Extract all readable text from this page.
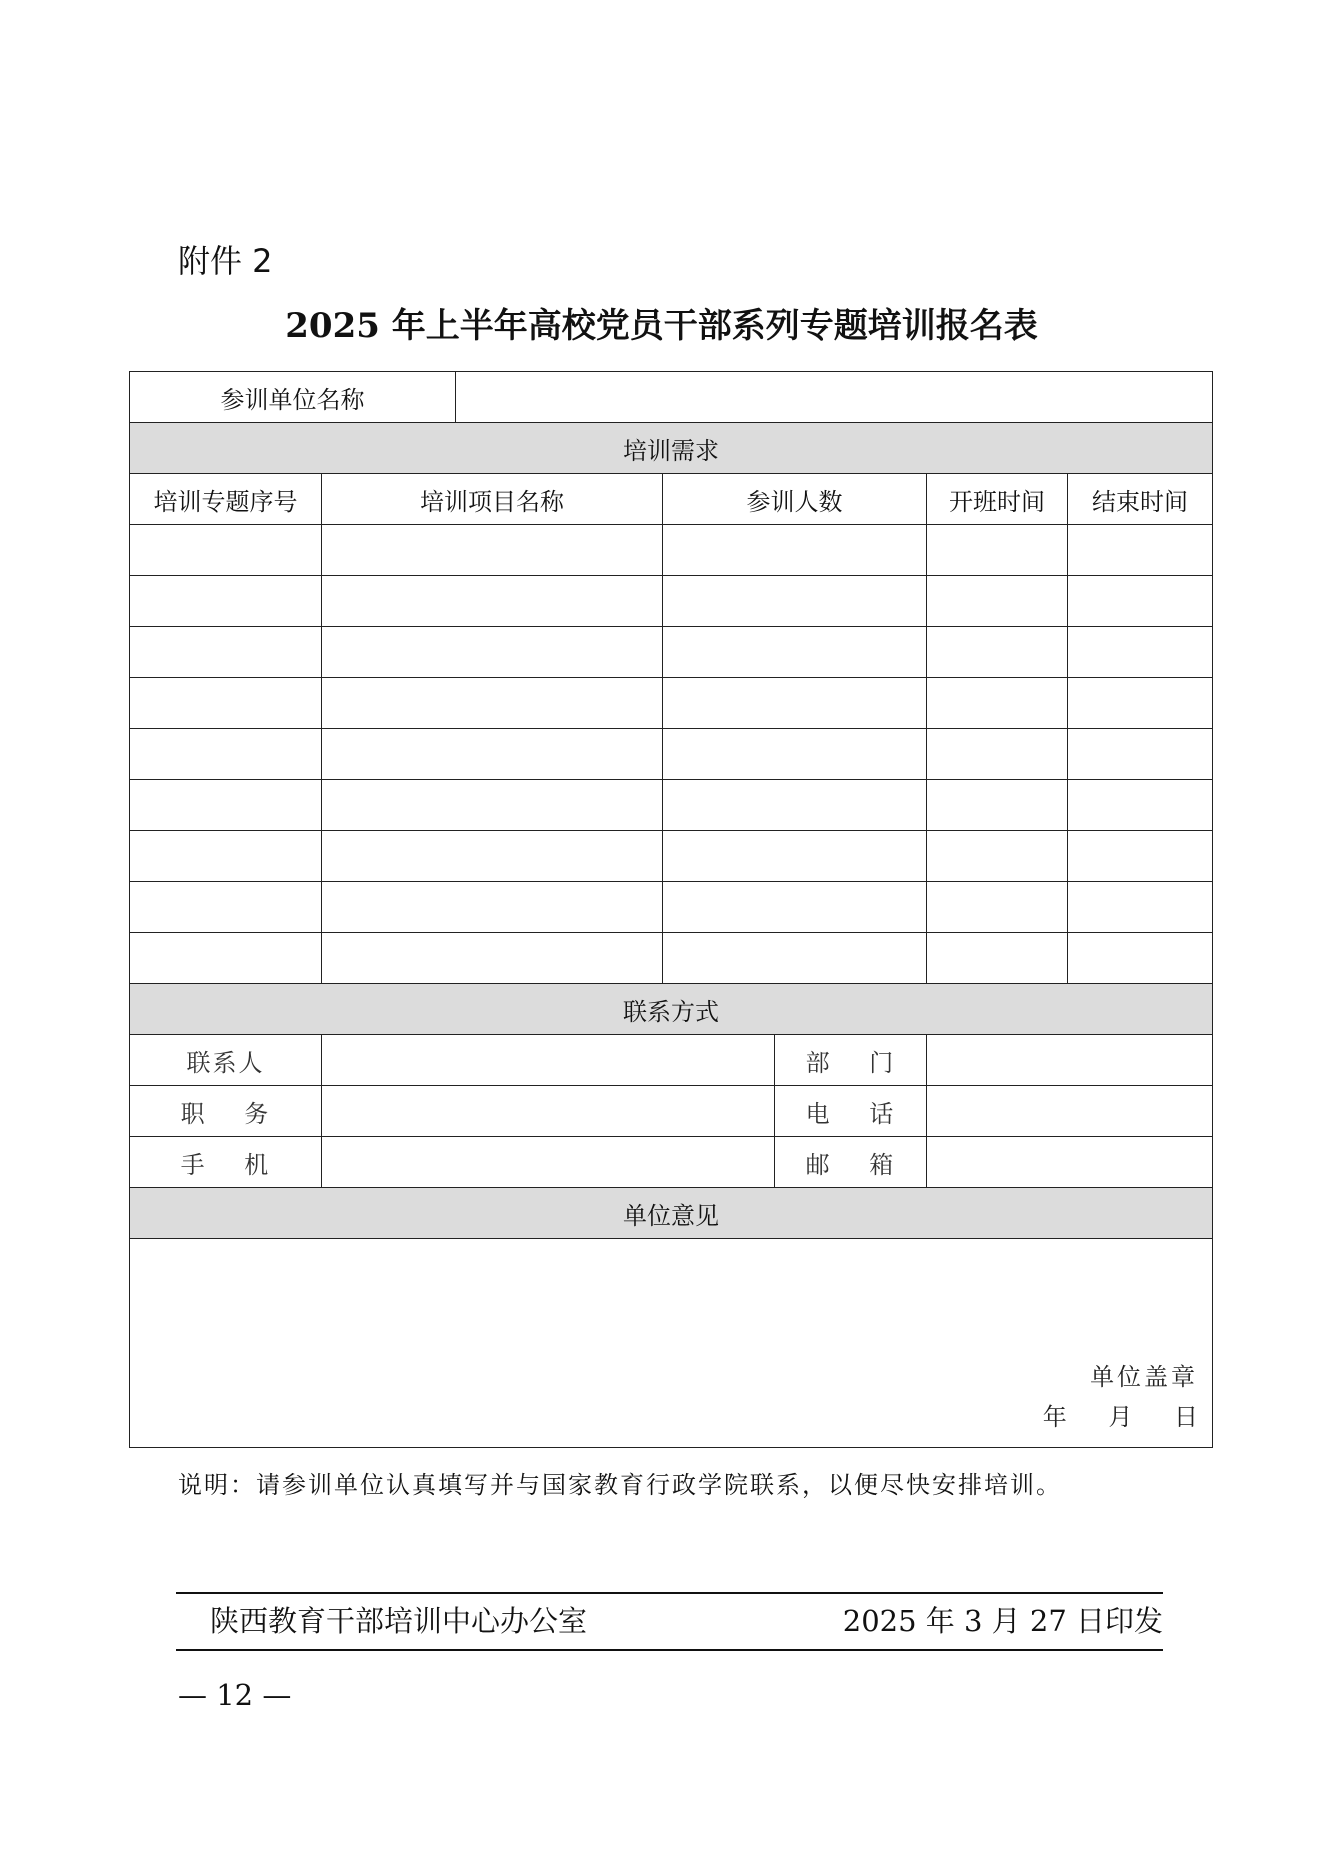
附件 2
2025 年上半年高校党员干部系列专题培训报名表
参训单位名称						
培训需求						
培训专题序号	培训项目名称		参训人数		开班时间	结束时间

联系方式						
联系人				部 门		
职 务				电 话		
手 机				邮 箱		
单位意见						

单位盖章
年 月 日						
说明：请参训单位认真填写并与国家教育行政学院联系，以便尽快安排培训。
陕西教育干部培训中心办公室	2025 年 3 月 27 日印发
— 12 —
